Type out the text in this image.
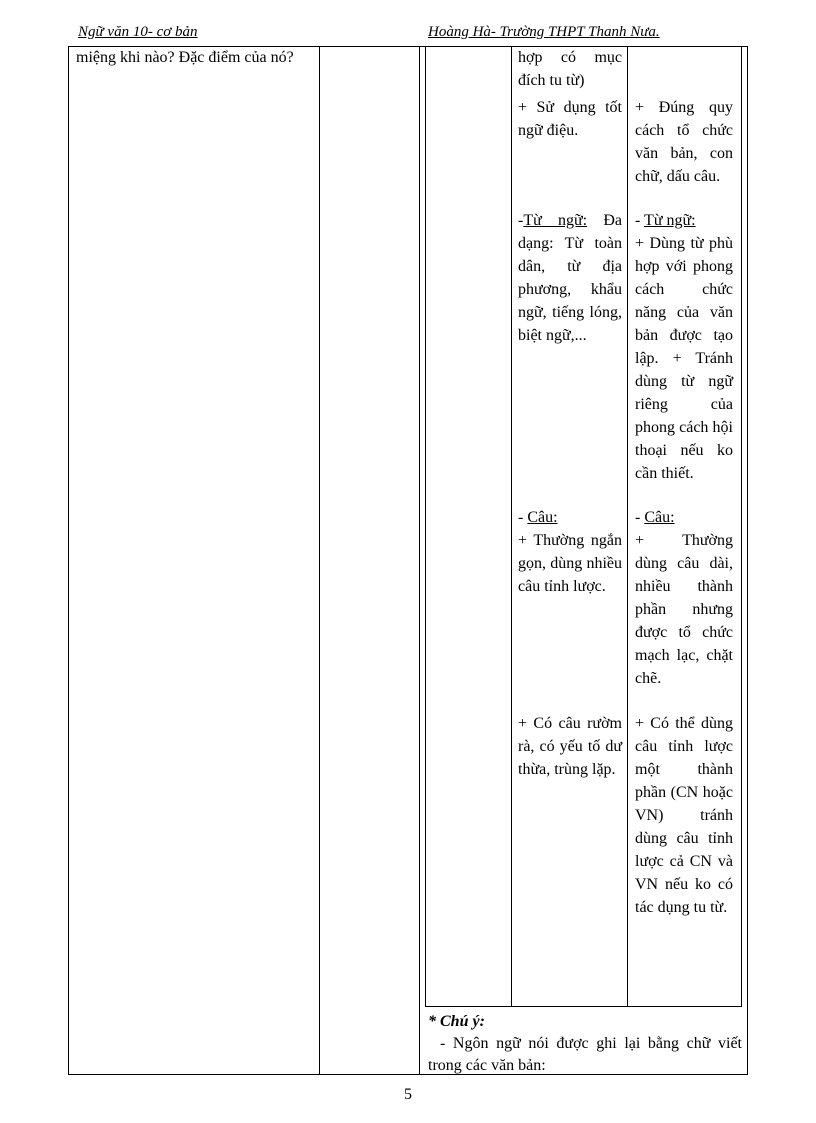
Ngữ văn 10- cơ bản	Hoàng Hà- Trường THPT Thanh Nưa.
miệng khi nào? Đặc điểm của nó?	hợp có mục đích tu từ)
+ Sử dụng tốt ngữ điệu.
+ Đúng quy cách tổ chức văn bản, con chữ, dấu câu.
-Từ ngữ: Đa dạng: Từ toàn dân, từ địa phương, khẩu ngữ, tiếng lóng, biệt ngữ,...
- Từ ngữ:
+ Dùng từ phù hợp với phong cách chức năng của văn bản được tạo lập. + Tránh dùng từ ngữ riêng của phong cách hội thoại nếu ko cần thiết.
- Câu:
+ Thường ngắn gọn, dùng nhiều câu tỉnh lược.
- Câu:
+ Thường dùng câu dài, nhiều thành phần nhưng được tổ chức mạch lạc, chặt chẽ.
+ Có câu rườm rà, có yếu tố dư thừa, trùng lặp.
+ Có thể dùng câu tỉnh lược một thành phần (CN hoặc VN) tránh dùng câu tỉnh lược cả CN và VN nếu ko có tác dụng tu từ.
* Chú ý:
- Ngôn ngữ nói được ghi lại bằng chữ viết trong các văn bản:
5
